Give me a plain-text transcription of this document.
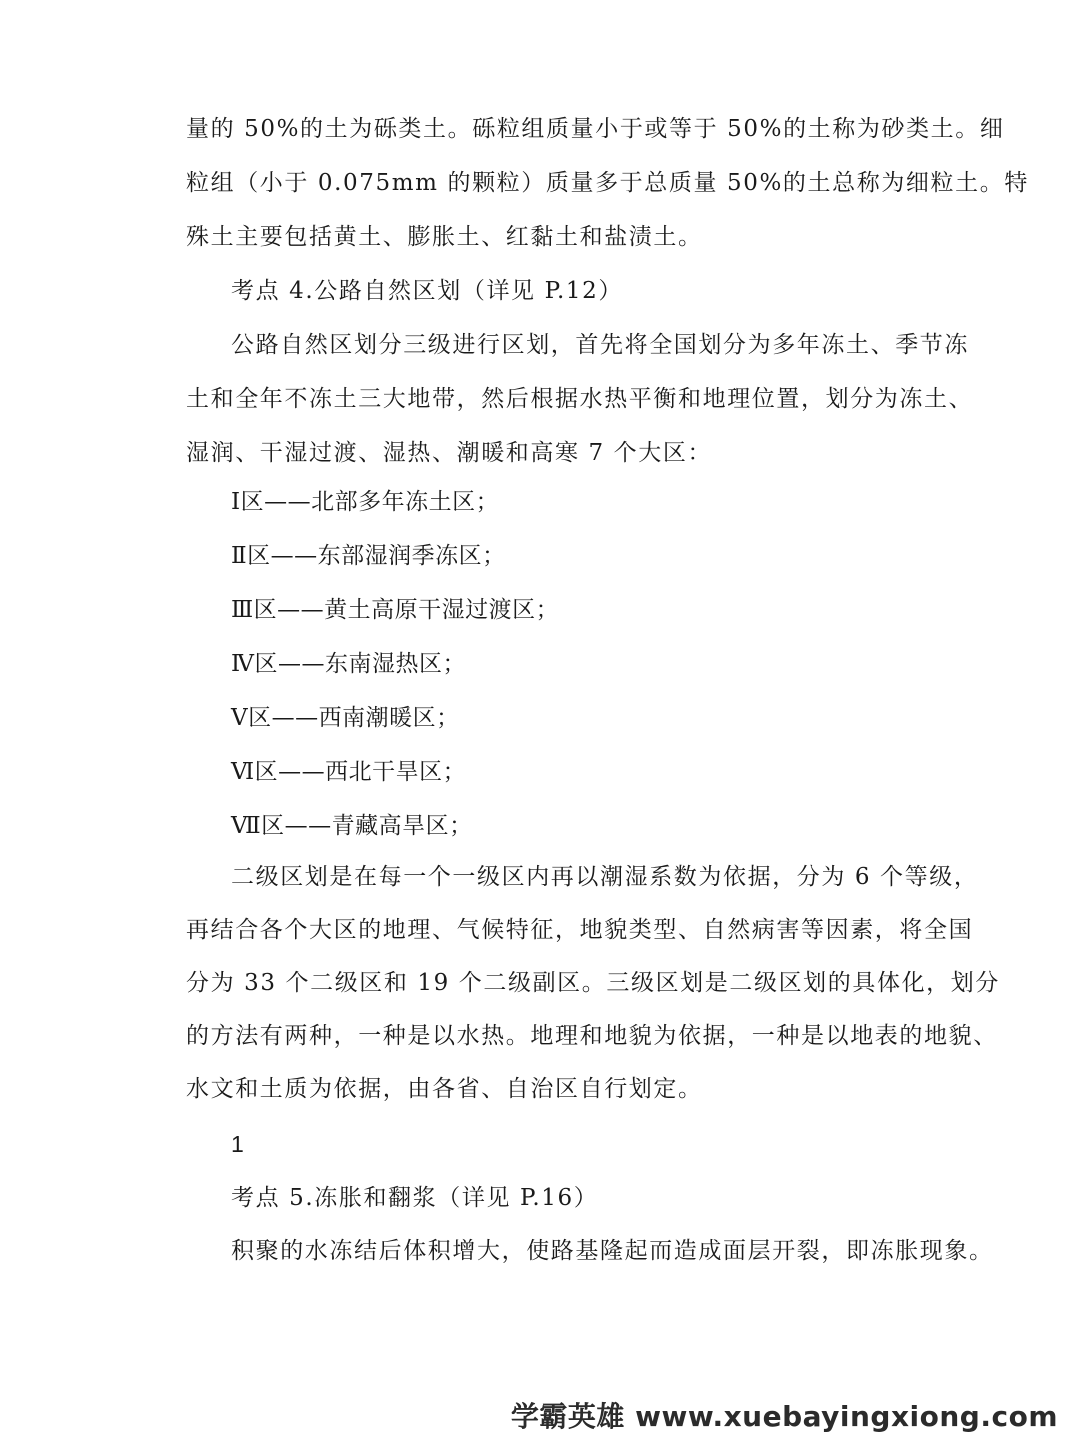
量的 50%的土为砾类土。砾粒组质量小于或等于 50%的土称为砂类土。细
粒组（小于 0.075mm 的颗粒）质量多于总质量 50%的土总称为细粒土。特
殊土主要包括黄土、膨胀土、红黏土和盐渍土。
考点 4.公路自然区划（详见 P.12）
公路自然区划分三级进行区划，首先将全国划分为多年冻土、季节冻
土和全年不冻土三大地带，然后根据水热平衡和地理位置，划分为冻土、
湿润、干湿过渡、湿热、潮暖和高寒 7 个大区：
Ⅰ区——北部多年冻土区；
Ⅱ区——东部湿润季冻区；
Ⅲ区——黄土高原干湿过渡区；
Ⅳ区——东南湿热区；
Ⅴ区——西南潮暖区；
Ⅵ区——西北干旱区；
Ⅶ区——青藏高旱区；
二级区划是在每一个一级区内再以潮湿系数为依据，分为 6 个等级，
再结合各个大区的地理、气候特征，地貌类型、自然病害等因素，将全国
分为 33 个二级区和 19 个二级副区。三级区划是二级区划的具体化，划分
的方法有两种，一种是以水热。地理和地貌为依据，一种是以地表的地貌、
水文和土质为依据，由各省、自治区自行划定。
1
考点 5.冻胀和翻浆（详见 P.16）
积聚的水冻结后体积增大，使路基隆起而造成面层开裂，即冻胀现象。
学霸英雄 www.xuebayingxiong.com
